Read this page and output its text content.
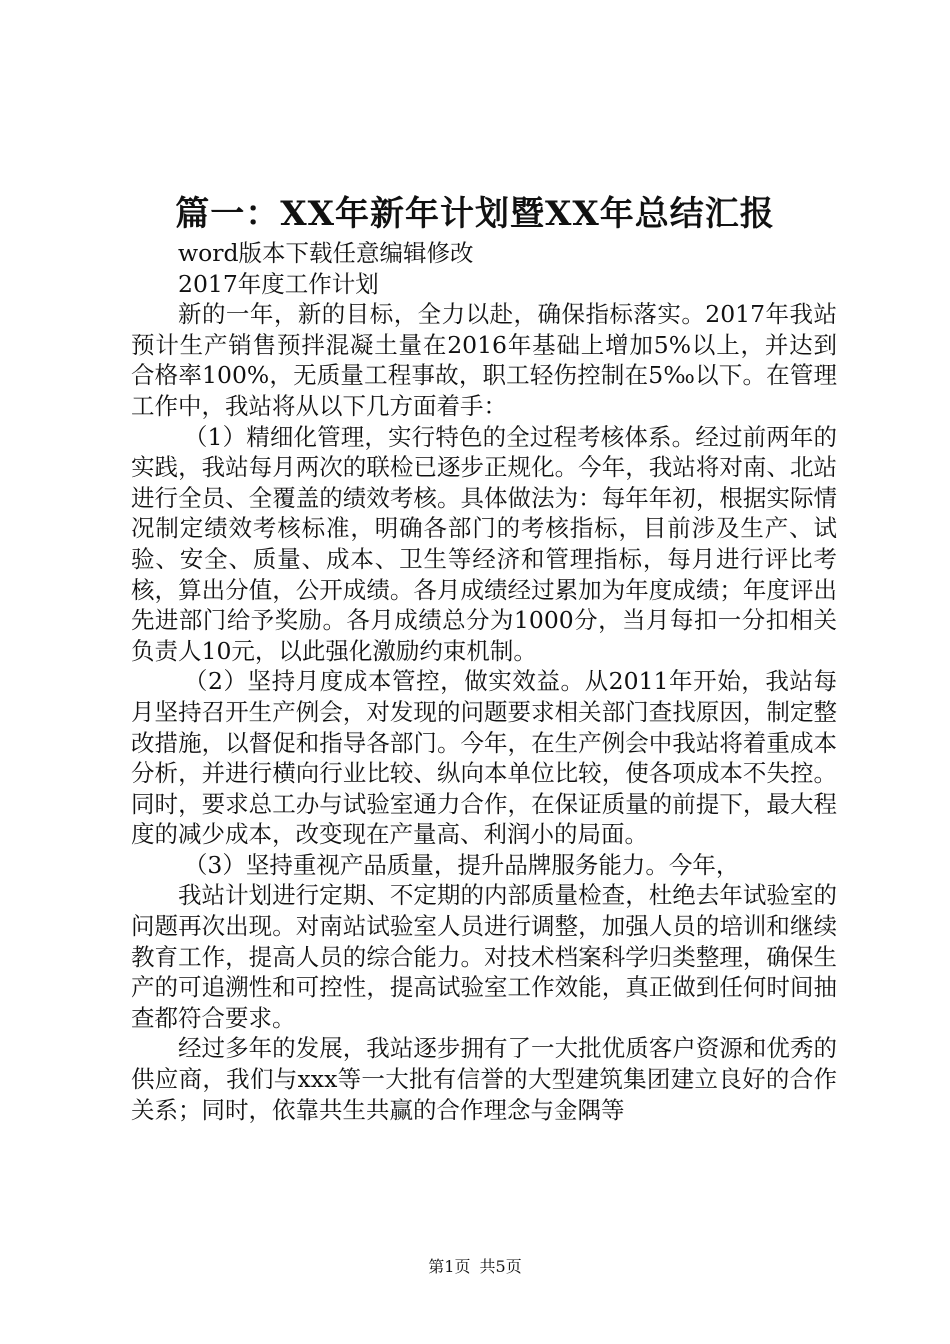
篇一：XX年新年计划暨XX年总结汇报

word版本下载任意编辑修改

2017年度工作计划

新的一年，新的目标，全力以赴，确保指标落实。2017年我站预计生产销售预拌混凝土量在2016年基础上增加5%以上，并达到合格率100%，无质量工程事故，职工轻伤控制在5‰以下。在管理工作中，我站将从以下几方面着手：

（1）精细化管理，实行特色的全过程考核体系。经过前两年的实践，我站每月两次的联检已逐步正规化。今年，我站将对南、北站进行全员、全覆盖的绩效考核。具体做法为：每年年初，根据实际情况制定绩效考核标准，明确各部门的考核指标，目前涉及生产、试验、安全、质量、成本、卫生等经济和管理指标，每月进行评比考核，算出分值，公开成绩。各月成绩经过累加为年度成绩；年度评出先进部门给予奖励。各月成绩总分为1000分，当月每扣一分扣相关负责人10元，以此强化激励约束机制。

（2）坚持月度成本管控，做实效益。从2011年开始，我站每月坚持召开生产例会，对发现的问题要求相关部门查找原因，制定整改措施，以督促和指导各部门。今年，在生产例会中我站将着重成本分析，并进行横向行业比较、纵向本单位比较，使各项成本不失控。同时，要求总工办与试验室通力合作，在保证质量的前提下，最大程度的减少成本，改变现在产量高、利润小的局面。

（3）坚持重视产品质量，提升品牌服务能力。今年，

我站计划进行定期、不定期的内部质量检查，杜绝去年试验室的问题再次出现。对南站试验室人员进行调整，加强人员的培训和继续教育工作，提高人员的综合能力。对技术档案科学归类整理，确保生产的可追溯性和可控性，提高试验室工作效能，真正做到任何时间抽查都符合要求。

经过多年的发展，我站逐步拥有了一大批优质客户资源和优秀的供应商，我们与xxx等一大批有信誉的大型建筑集团建立良好的合作关系；同时，依靠共生共赢的合作理念与金隅等

第1页 共5页
